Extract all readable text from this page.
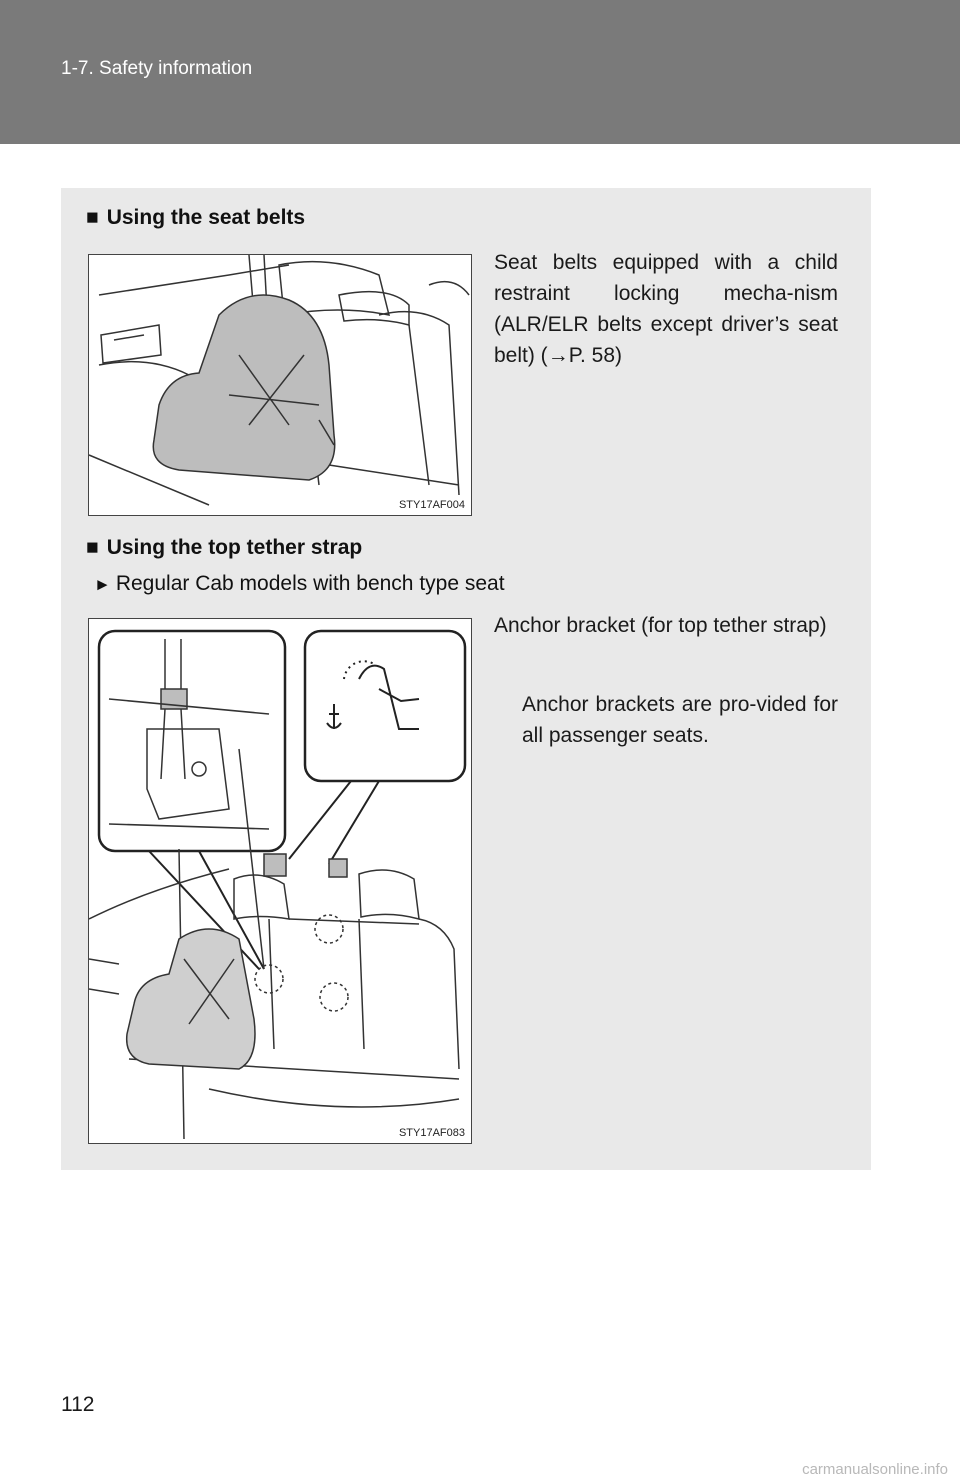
1-7. Safety information
■ Using the seat belts
STY17AF004
Seat belts equipped with a child restraint locking mecha-nism (ALR/ELR belts except driver’s seat belt) (→P. 58)
■ Using the top tether strap
► Regular Cab models with bench type seat
STY17AF083
Anchor bracket (for top tether strap)
Anchor brackets are pro-vided for all passenger seats.
112
carmanualsonline.info
